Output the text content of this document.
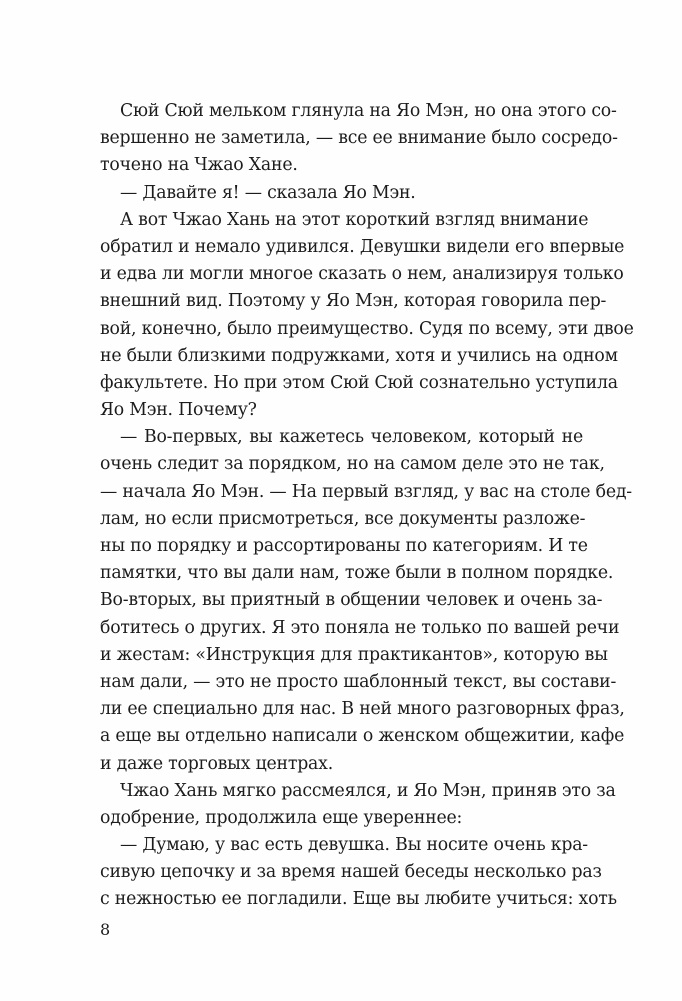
Сюй Сюй мельком глянула на Яо Мэн, но она этого со-
вершенно не заметила, — все ее внимание было сосредо-
точено на Чжао Хане.
— Давайте я! — сказала Яо Мэн.
А вот Чжао Хань на этот короткий взгляд внимание
обратил и немало удивился. Девушки видели его впервые
и едва ли могли многое сказать о нем, анализируя только
внешний вид. Поэтому у Яо Мэн, которая говорила пер-
вой, конечно, было преимущество. Судя по всему, эти двое
не были близкими подружками, хотя и учились на одном
факультете. Но при этом Сюй Сюй сознательно уступила
Яо Мэн. Почему?
— Во-первых, вы кажетесь человеком, который не
очень следит за порядком, но на самом деле это не так,
— начала Яо Мэн. — На первый взгляд, у вас на столе бед-
лам, но если присмотреться, все документы разложе-
ны по порядку и рассортированы по категориям. И те
памятки, что вы дали нам, тоже были в полном порядке.
Во-вторых, вы приятный в общении человек и очень за-
ботитесь о других. Я это поняла не только по вашей речи
и жестам: «Инструкция для практикантов», которую вы
нам дали, — это не просто шаблонный текст, вы состави-
ли ее специально для нас. В ней много разговорных фраз,
а еще вы отдельно написали о женском общежитии, кафе
и даже торговых центрах.
Чжао Хань мягко рассмеялся, и Яо Мэн, приняв это за
одобрение, продолжила еще увереннее:
— Думаю, у вас есть девушка. Вы носите очень кра-
сивую цепочку и за время нашей беседы несколько раз
с нежностью ее погладили. Еще вы любите учиться: хоть
8
